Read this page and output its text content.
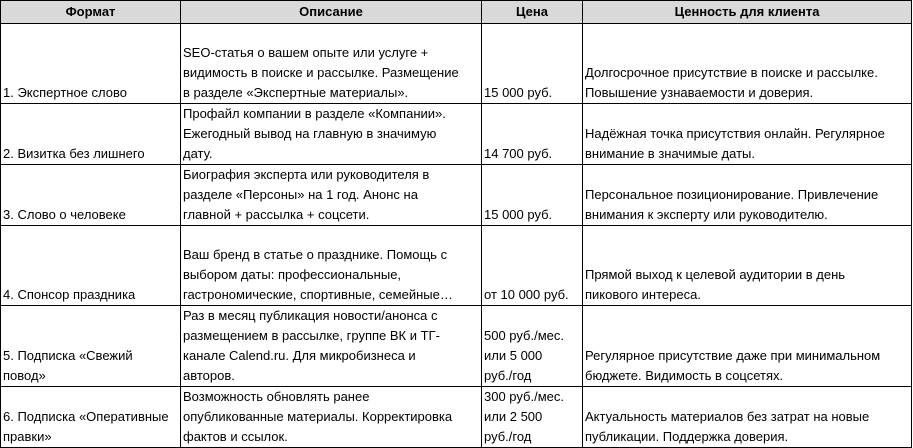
Формат	Описание	Цена	Ценность для клиента

1. Экспертное слово	SEO-статья о вашем опыте или услуге +
видимость в поиске и рассылке. Размещение
в разделе «Экспертные материалы».	15 000 руб.	Долгосрочное присутствие в поиске и рассылке.
Повышение узнаваемости и доверия.

2. Визитка без лишнего	Профайл компании в разделе «Компании».
Ежегодный вывод на главную в значимую
дату.	14 700 руб.	Надёжная точка присутствия онлайн. Регулярное
внимание в значимые даты.

3. Слово о человеке	Биография эксперта или руководителя в
разделе «Персоны» на 1 год. Анонс на
главной + рассылка + соцсети.	15 000 руб.	Персональное позиционирование. Привлечение
внимания к эксперту или руководителю.

4. Спонсор праздника	Ваш бренд в статье о празднике. Помощь с
выбором даты: профессиональные,
гастрономические, спортивные, семейные…	от 10 000 руб.	Прямой выход к целевой аудитории в день
пикового интереса.

5. Подписка «Свежий
повод»	Раз в месяц публикация новости/анонса с
размещением в рассылке, группе ВК и ТГ-
канале Calend.ru. Для микробизнеса и
авторов.	500 руб./мес.
или 5 000
руб./год	Регулярное присутствие даже при минимальном
бюджете. Видимость в соцсетях.

6. Подписка «Оперативные
правки»	Возможность обновлять ранее
опубликованные материалы. Корректировка
фактов и ссылок.	300 руб./мес.
или 2 500
руб./год	Актуальность материалов без затрат на новые
публикации. Поддержка доверия.
